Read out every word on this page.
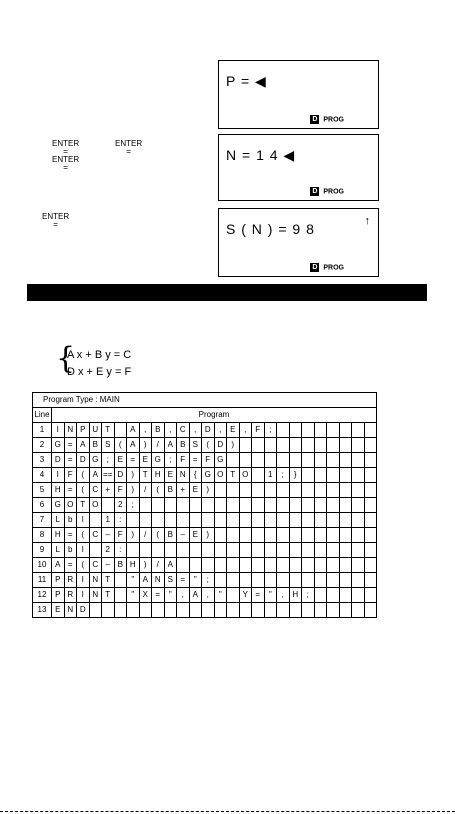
P = ◀
D PROG
ENTER
=
ENTER
=
ENTER
=
N = 1 4 ◀
D PROG
ENTER
=	S ( N ) = 9 8	↑
D PROG
{
A x + B y = C
D x + E y = F
Program Type : MAIN																										
Line	Program																									
1	I	N	P	U	T		A	,	B	,	C	,	D	,	E	,	F	;								
2	G	=	A	B	S	(	A	)	/	A	B	S	(	D	)											
3	D	=	D	G	;	E	=	E	G	;	F	=	F	G												
4	I	F	(	A	==	D	)	T	H	E	N	{	G	O	T	O		1	;	}						
5	H	=	(	C	+	F	)	/	(	B	+	E	)													
6	G	O	T	O		2	;																			
7	L	b	l		1	:																				
8	H	=	(	C	–	F	)	/	(	B	–	E	)													
9	L	b	l		2	:																				
10	A	=	(	C	–	B	H	)	/	A																
11	P	R	I	N	T		"	A	N	S	=	"	;													
12	P	R	I	N	T		"	X	=	"	,	A	,	"		Y	=	"	,	H	;					
13	E	N	D																							
